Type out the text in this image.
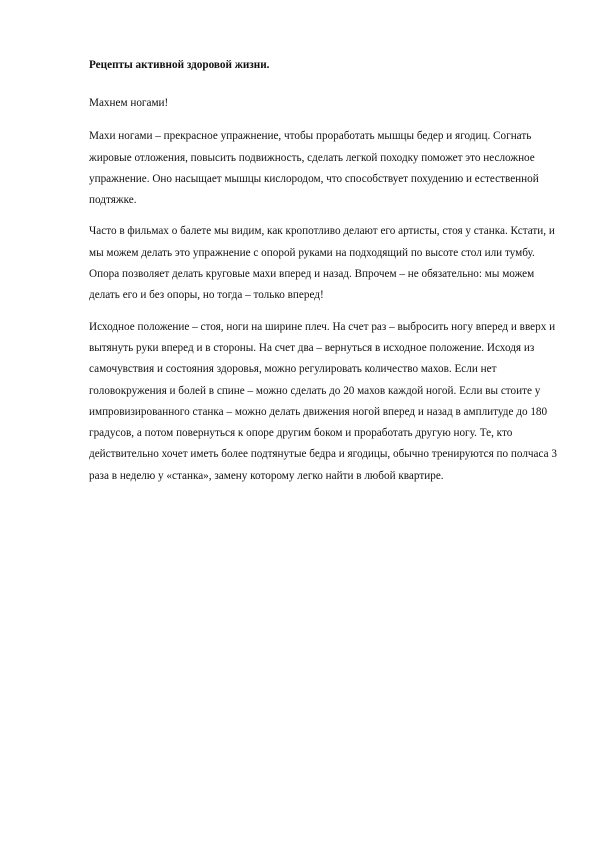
Рецепты активной здоровой жизни.
Махнем ногами!
Махи ногами – прекрасное упражнение, чтобы проработать мышцы бедер и ягодиц. Согнать жировые отложения, повысить подвижность, сделать легкой походку поможет это несложное упражнение. Оно насыщает мышцы кислородом, что способствует похудению и естественной подтяжке.
Часто в фильмах о балете мы видим, как кропотливо делают его артисты, стоя у станка. Кстати, и мы можем делать это упражнение с опорой руками на подходящий по высоте стол или тумбу. Опора позволяет делать круговые махи вперед и назад. Впрочем – не обязательно: мы можем делать его и без опоры, но тогда – только вперед!
Исходное положение – стоя, ноги на ширине плеч. На счет раз – выбросить ногу вперед и вверх и вытянуть руки вперед и в стороны. На счет два – вернуться в исходное положение. Исходя из самочувствия и состояния здоровья, можно регулировать количество махов. Если нет головокружения и болей в спине – можно сделать до 20 махов каждой ногой. Если вы стоите у импровизированного станка – можно делать движения ногой вперед и назад в амплитуде до 180 градусов, а потом повернуться к опоре другим боком и проработать другую ногу. Те, кто действительно хочет иметь более подтянутые бедра и ягодицы, обычно тренируются по полчаса 3 раза в неделю у «станка», замену которому легко найти в любой квартире.
